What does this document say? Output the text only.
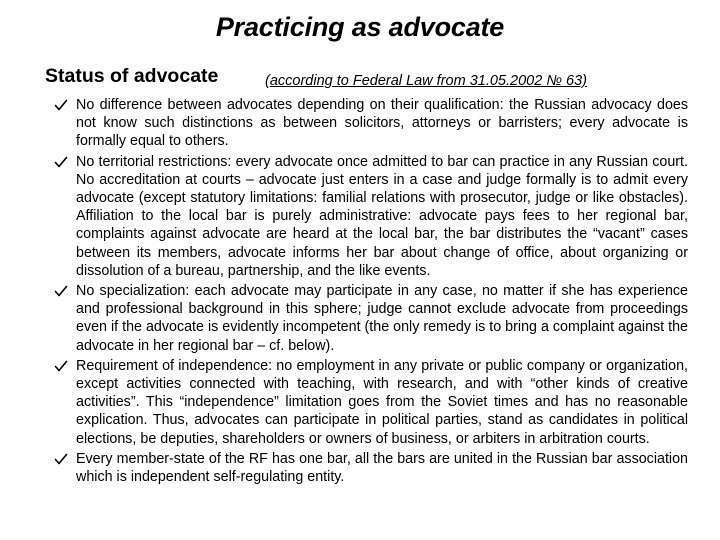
Practicing as advocate
Status of advocate	(according to Federal Law from 31.05.2002 № 63)
No difference between advocates depending on their qualification: the Russian advocacy does not know such distinctions as between solicitors, attorneys or barristers; every advocate is formally equal to others.
No territorial restrictions: every advocate once admitted to bar can practice in any Russian court. No accreditation at courts – advocate just enters in a case and judge formally is to admit every advocate (except statutory limitations: familial relations with prosecutor, judge or like obstacles). Affiliation to the local bar is purely administrative: advocate pays fees to her regional bar, complaints against advocate are heard at the local bar, the bar distributes the “vacant” cases between its members, advocate informs her bar about change of office, about organizing or dissolution of a bureau, partnership, and the like events.
No specialization: each advocate may participate in any case, no matter if she has experience and professional background in this sphere; judge cannot exclude advocate from proceedings even if the advocate is evidently incompetent (the only remedy is to bring a complaint against the advocate in her regional bar – cf. below).
Requirement of independence: no employment in any private or public company or organization, except activities connected with teaching, with research, and with “other kinds of creative activities”. This “independence” limitation goes from the Soviet times and has no reasonable explication. Thus, advocates can participate in political parties, stand as candidates in political elections, be deputies, shareholders or owners of business, or arbiters in arbitration courts.
Every member-state of the RF has one bar, all the bars are united in the Russian bar association which is independent self-regulating entity.
